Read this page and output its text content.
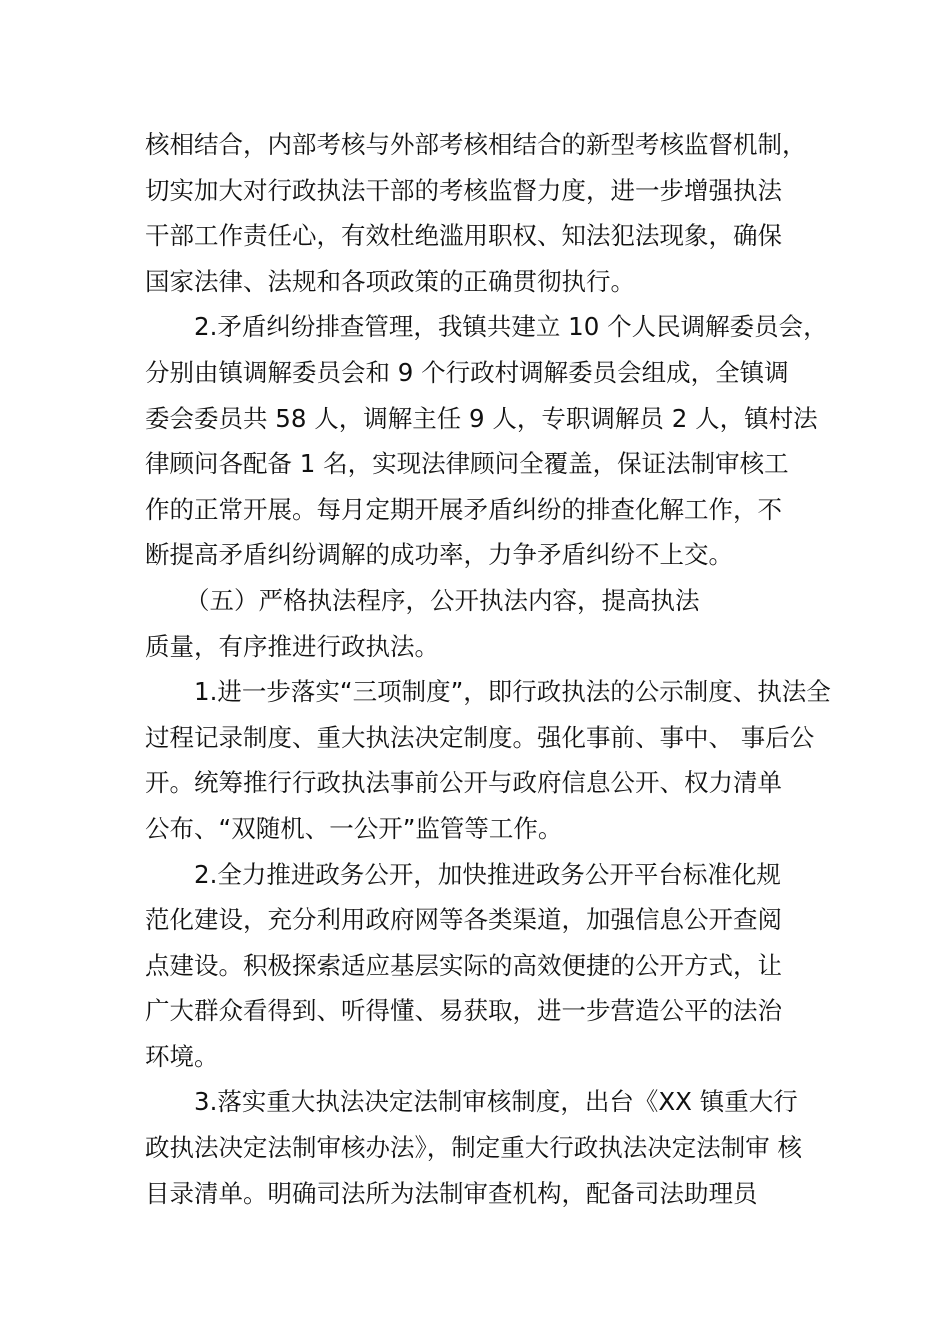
核相结合，内部考核与外部考核相结合的新型考核监督机制，
切实加大对行政执法干部的考核监督力度，进一步增强执法
干部工作责任心，有效杜绝滥用职权、知法犯法现象，确保
国家法律、法规和各项政策的正确贯彻执行。
2.矛盾纠纷排查管理，我镇共建立 10 个人民调解委员会，
分别由镇调解委员会和 9 个行政村调解委员会组成，全镇调
委会委员共 58 人，调解主任 9 人，专职调解员 2 人，镇村法
律顾问各配备 1 名，实现法律顾问全覆盖，保证法制审核工
作的正常开展。每月定期开展矛盾纠纷的排查化解工作，不
断提高矛盾纠纷调解的成功率，力争矛盾纠纷不上交。
（五）严格执法程序，公开执法内容，提高执法
质量，有序推进行政执法。
1.进一步落实“三项制度”，即行政执法的公示制度、执法全
过程记录制度、重大执法决定制度。强化事前、事中、 事后公
开。统筹推行行政执法事前公开与政府信息公开、权力清单
公布、“双随机、一公开”监管等工作。
2.全力推进政务公开，加快推进政务公开平台标准化规
范化建设，充分利用政府网等各类渠道，加强信息公开查阅
点建设。积极探索适应基层实际的高效便捷的公开方式，让
广大群众看得到、听得懂、易获取，进一步营造公平的法治
环境。
3.落实重大执法决定法制审核制度，出台《XX 镇重大行
政执法决定法制审核办法》，制定重大行政执法决定法制审 核
目录清单。明确司法所为法制审查机构，配备司法助理员
